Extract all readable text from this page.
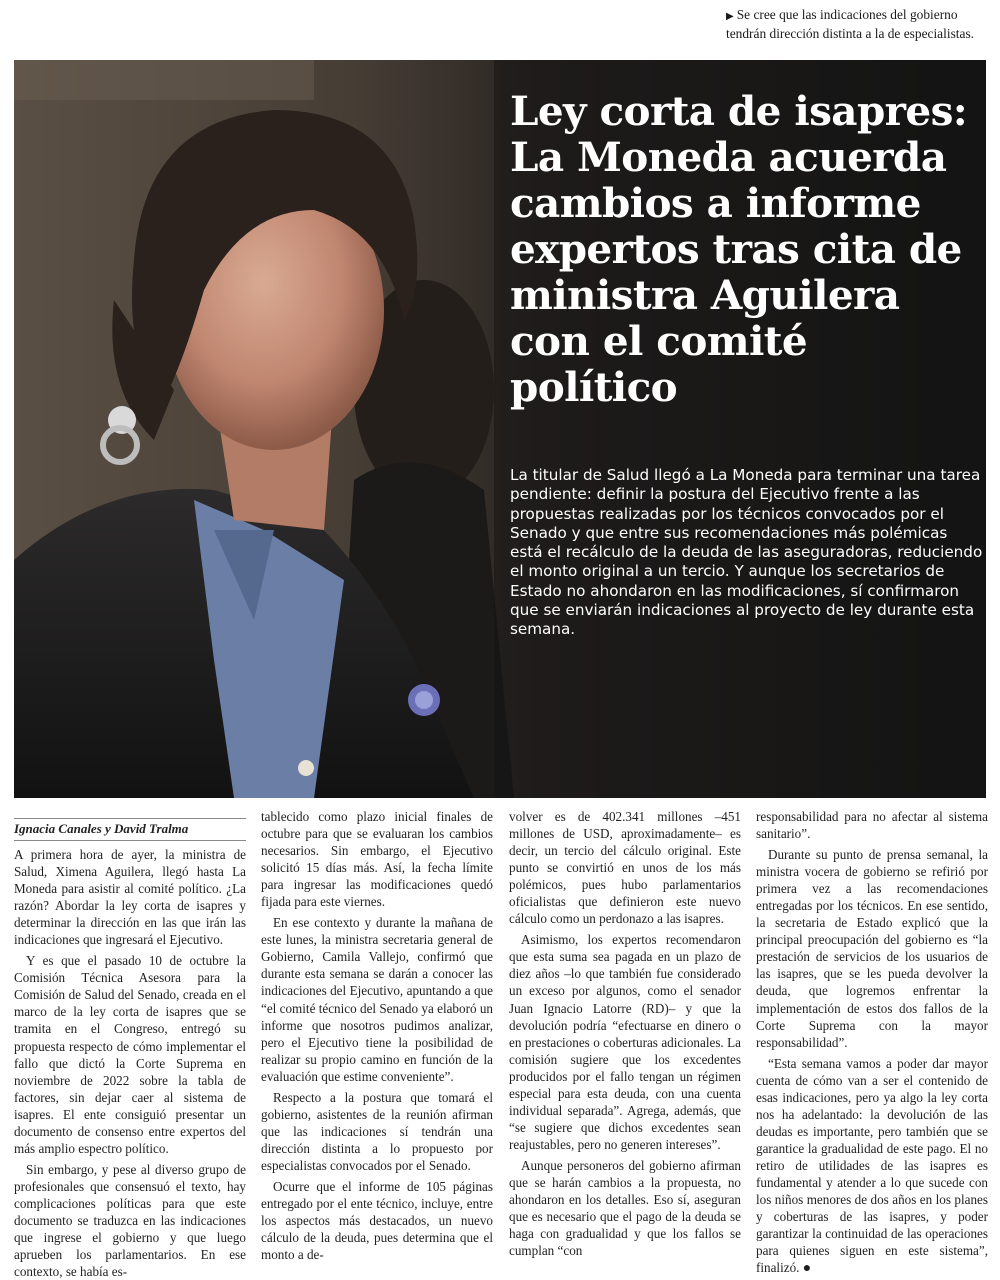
▶ Se cree que las indicaciones del gobierno tendrán dirección distinta a la de especialistas.
Ley corta de isapres: La Moneda acuerda cambios a informe expertos tras cita de ministra Aguilera con el comité político
La titular de Salud llegó a La Moneda para terminar una tarea pendiente: definir la postura del Ejecutivo frente a las propuestas realizadas por los técnicos convocados por el Senado y que entre sus recomendaciones más polémicas está el recálculo de la deuda de las aseguradoras, reduciendo el monto original a un tercio. Y aunque los secretarios de Estado no ahondaron en las modificaciones, sí confirmaron que se enviarán indicaciones al proyecto de ley durante esta semana.
Ignacia Canales y David Tralma

A primera hora de ayer, la ministra de Salud, Ximena Aguilera, llegó hasta La Moneda para asistir al comité político. ¿La razón? Abordar la ley corta de isapres y determinar la dirección en las que irán las indicaciones que ingresará el Ejecutivo.

Y es que el pasado 10 de octubre la Comisión Técnica Asesora para la Comisión de Salud del Senado, creada en el marco de la ley corta de isapres que se tramita en el Congreso, entregó su propuesta respecto de cómo implementar el fallo que dictó la Corte Suprema en noviembre de 2022 sobre la tabla de factores, sin dejar caer al sistema de isapres. El ente consiguió presentar un documento de consenso entre expertos del más amplio espectro político.

Sin embargo, y pese al diverso grupo de profesionales que consensuó el texto, hay complicaciones políticas para que este documento se traduzca en las indicaciones que ingrese el gobierno y que luego aprueben los parlamentarios. En ese contexto, se había es-

tablecido como plazo inicial finales de octubre para que se evaluaran los cambios necesarios. Sin embargo, el Ejecutivo solicitó 15 días más. Así, la fecha límite para ingresar las modificaciones quedó fijada para este viernes.

En ese contexto y durante la mañana de este lunes, la ministra secretaria general de Gobierno, Camila Vallejo, confirmó que durante esta semana se darán a conocer las indicaciones del Ejecutivo, apuntando a que “el comité técnico del Senado ya elaboró un informe que nosotros pudimos analizar, pero el Ejecutivo tiene la posibilidad de realizar su propio camino en función de la evaluación que estime conveniente”.

Respecto a la postura que tomará el gobierno, asistentes de la reunión afirman que las indicaciones sí tendrán una dirección distinta a lo propuesto por especialistas convocados por el Senado.

Ocurre que el informe de 105 páginas entregado por el ente técnico, incluye, entre los aspectos más destacados, un nuevo cálculo de la deuda, pues determina que el monto a de-

volver es de 402.341 millones –451 millones de USD, aproximadamente– es decir, un tercio del cálculo original. Este punto se convirtió en unos de los más polémicos, pues hubo parlamentarios oficialistas que definieron este nuevo cálculo como un perdonazo a las isapres.

Asimismo, los expertos recomendaron que esta suma sea pagada en un plazo de diez años –lo que también fue considerado un exceso por algunos, como el senador Juan Ignacio Latorre (RD)– y que la devolución podría “efectuarse en dinero o en prestaciones o coberturas adicionales. La comisión sugiere que los excedentes producidos por el fallo tengan un régimen especial para esta deuda, con una cuenta individual separada”. Agrega, además, que “se sugiere que dichos excedentes sean reajustables, pero no generen intereses”.

Aunque personeros del gobierno afirman que se harán cambios a la propuesta, no ahondaron en los detalles. Eso sí, aseguran que es necesario que el pago de la deuda se haga con gradualidad y que los fallos se cumplan “con

responsabilidad para no afectar al sistema sanitario”.

Durante su punto de prensa semanal, la ministra vocera de gobierno se refirió por primera vez a las recomendaciones entregadas por los técnicos. En ese sentido, la secretaria de Estado explicó que la principal preocupación del gobierno es “la prestación de servicios de los usuarios de las isapres, que se les pueda devolver la deuda, que logremos enfrentar la implementación de estos dos fallos de la Corte Suprema con la mayor responsabilidad”.

“Esta semana vamos a poder dar mayor cuenta de cómo van a ser el contenido de esas indicaciones, pero ya algo la ley corta nos ha adelantado: la devolución de las deudas es importante, pero también que se garantice la gradualidad de este pago. El no retiro de utilidades de las isapres es fundamental y atender a lo que sucede con los niños menores de dos años en los planes y coberturas de las isapres, y poder garantizar la continuidad de las operaciones para quienes siguen en este sistema”, finalizó. ●
